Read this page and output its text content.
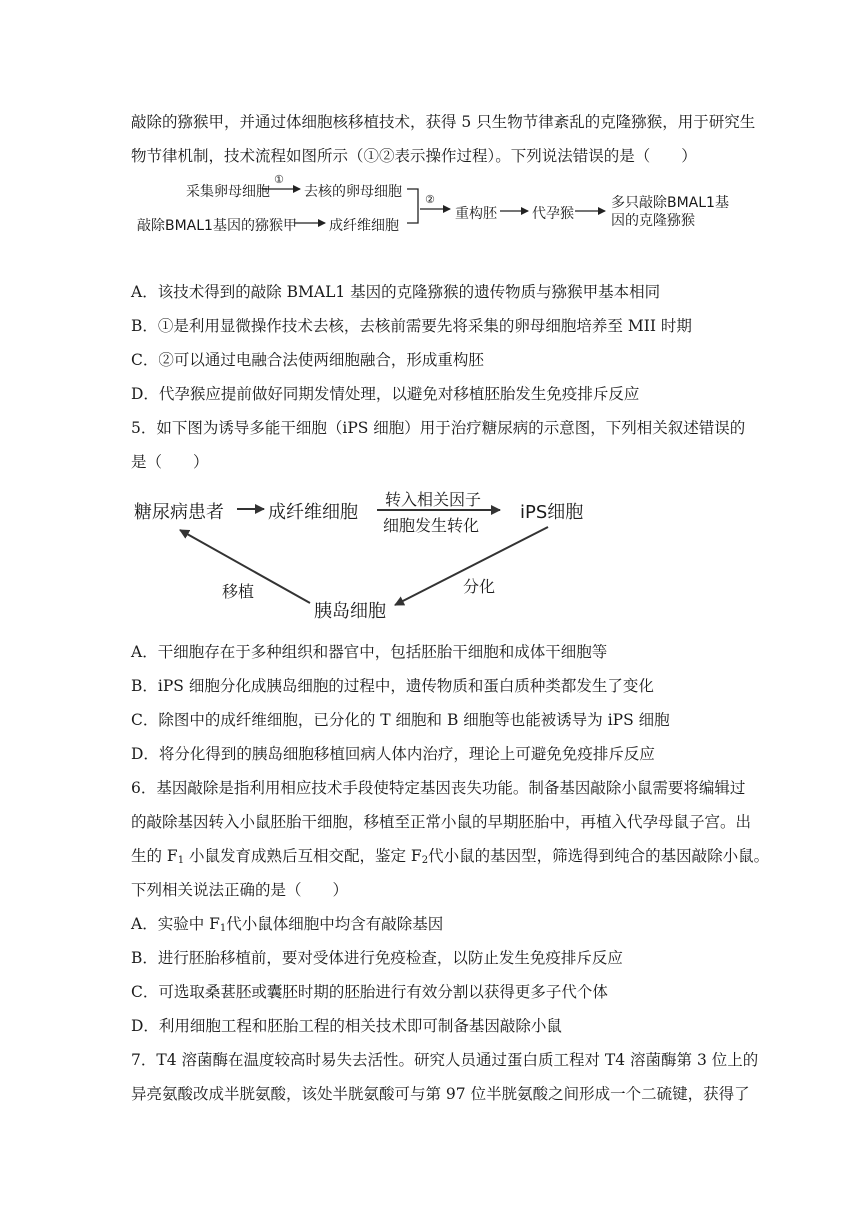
敲除的猕猴甲，并通过体细胞核移植技术，获得 5 只生物节律紊乱的克隆猕猴，用于研究生
物节律机制，技术流程如图所示（①②表示操作过程）。下列说法错误的是（　　）
采集卵母细胞
①
去核的卵母细胞
敲除BMAL1基因的猕猴甲 成纤维细胞
②
重构胚	代孕猴
多只敲除BMAL1基
因的克隆猕猴
A．该技术得到的敲除 BMAL1 基因的克隆猕猴的遗传物质与猕猴甲基本相同
B．①是利用显微操作技术去核，去核前需要先将采集的卵母细胞培养至 MII 时期
C．②可以通过电融合法使两细胞融合，形成重构胚
D．代孕猴应提前做好同期发情处理，以避免对移植胚胎发生免疫排斥反应
5．如下图为诱导多能干细胞（iPS 细胞）用于治疗糖尿病的示意图，下列相关叙述错误的
是（　　）
糖尿病患者 成纤维细胞
转入相关因子
细胞发生转化
iPS细胞
分化
胰岛细胞
移植
A．干细胞存在于多种组织和器官中，包括胚胎干细胞和成体干细胞等
B．iPS 细胞分化成胰岛细胞的过程中，遗传物质和蛋白质种类都发生了变化
C．除图中的成纤维细胞，已分化的 T 细胞和 B 细胞等也能被诱导为 iPS 细胞
D．将分化得到的胰岛细胞移植回病人体内治疗，理论上可避免免疫排斥反应
6．基因敲除是指利用相应技术手段使特定基因丧失功能。制备基因敲除小鼠需要将编辑过
的敲除基因转入小鼠胚胎干细胞，移植至正常小鼠的早期胚胎中，再植入代孕母鼠子宫。出
生的 $F_1$ 小鼠发育成熟后互相交配，鉴定 $F_2$代小鼠的基因型，筛选得到纯合的基因敲除小鼠。
下列相关说法正确的是（　　）
A．实验中 $F_1$代小鼠体细胞中均含有敲除基因
B．进行胚胎移植前，要对受体进行免疫检查，以防止发生免疫排斥反应
C．可选取桑葚胚或囊胚时期的胚胎进行有效分割以获得更多子代个体
D．利用细胞工程和胚胎工程的相关技术即可制备基因敲除小鼠
7．T4 溶菌酶在温度较高时易失去活性。研究人员通过蛋白质工程对 T4 溶菌酶第 3 位上的
异亮氨酸改成半胱氨酸，该处半胱氨酸可与第 97 位半胱氨酸之间形成一个二硫键，获得了
